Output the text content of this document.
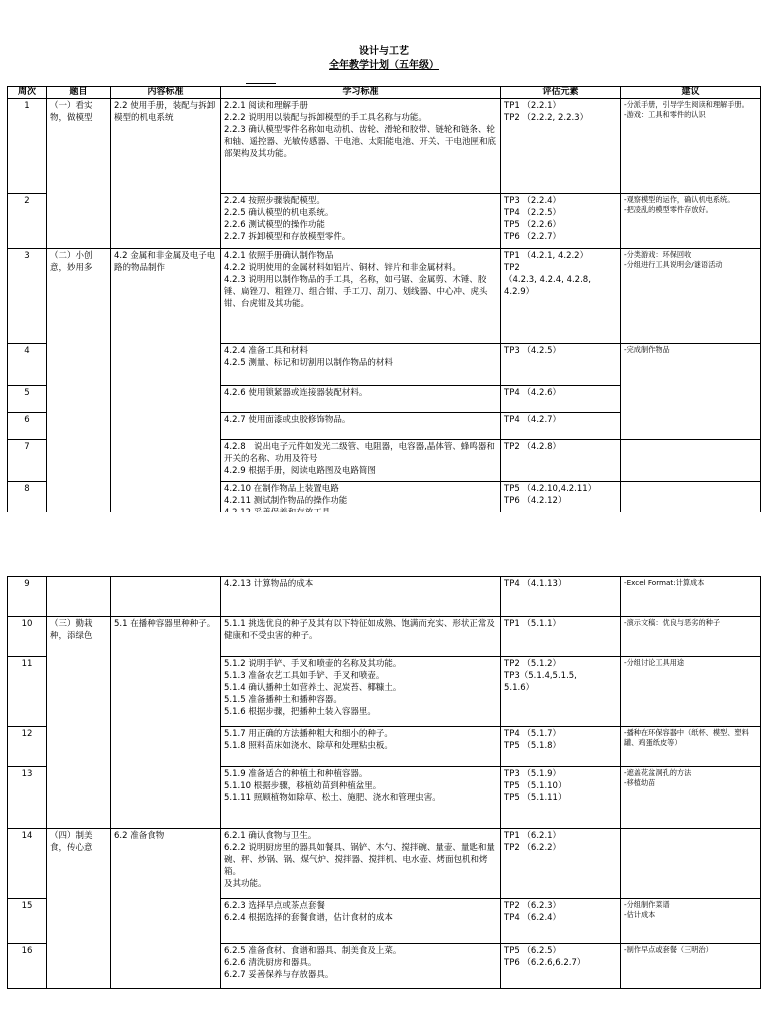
设计与工艺
全年教学计划（五年级）
周次	题目	内容标准	学习标准	评估元素	建议
1	（一）看实物，做模型	2.2 使用手册，装配与拆卸模型的机电系统	2.2.1 阅读和理解手册
2.2.2 说明用以装配与拆卸模型的手工具名称与功能。
2.2.3 确认模型零件名称如电动机、齿轮、滑轮和胶带、链轮和链条、轮和轴、遥控器、光敏传感器、干电池、太阳能电池、开关、干电池匣和底部架构及其功能。	TP1 （2.2.1）
TP2 （2.2.2, 2.2.3）	-分派手册，引导学生阅读和理解手册。
-游戏：工具和零件的认识

2			2.2.4 按照步骤装配模型。
2.2.5 确认模型的机电系统。
2.2.6 测试模型的操作功能
2.2.7 拆卸模型和存放模型零件。	TP3 （2.2.4）
TP4 （2.2.5）
TP5 （2.2.6）
TP6 （2.2.7）	-观察模型的运作，确认机电系统。
-把凌乱的模型零件存放好。

3	（二）小创意，妙用多	4.2 金属和非金属及电子电路的物品制作	4.2.1 依照手册确认制作物品
4.2.2 说明使用的金属材料如铝片、铜材、锌片和非金属材料。
4.2.3 说明用以制作物品的手工具，名称，如弓锯、金属剪、木锤、胶锤、扁锉刀、粗锉刀、组合钳、手工刀、刮刀、划线器、中心冲、虎头钳、台虎钳及其功能。	TP1 （4.2.1, 4.2.2）
TP2
（4.2.3, 4.2.4, 4.2.8, 4.2.9）	-分类游戏：环保回收
-分组进行工具说明会/谜语活动

4			4.2.4 准备工具和材料
4.2.5 测量、标记和切割用以制作物品的材料	TP3 （4.2.5）	-完成制作物品

5			4.2.6 使用锁紧器或连接器装配材料。	TP4 （4.2.6）	

6			4.2.7 使用面漆或虫胶修饰物品。	TP4 （4.2.7）	

7			4.2.8　说出电子元件如发光二级管、电阻器，电容器,晶体管、蜂鸣器和开关的名称、功用及符号
4.2.9 根据手册，阅读电路图及电路简图	TP2 （4.2.8）	

8			4.2.10 在制作物品上装置电路
4.2.11 测试制作物品的操作功能	TP5 （4.2.10,4.2.11）
TP6 （4.2.12）	

9			4.2.13 计算物品的成本	TP4 （4.1.13）	-Excel Format:计算成本

10	（三）勤栽种，添绿色	5.1 在播种容器里种种子。	5.1.1 挑选优良的种子及其有以下特征如成熟、饱满而充实、形状正常及健康和不受虫害的种子。	TP1 （5.1.1）	-演示文稿：优良与恶劣的种子

11			5.1.2 说明手铲、手叉和喷壶的名称及其功能。
5.1.3 准备农艺工具如手铲、手叉和喷壶。
5.1.4 确认播种土如营养土、泥炭苔、椰糠土。
5.1.5 准备播种土和播种容器。
5.1.6 根据步骤，把播种土装入容器里。	TP2 （5.1.2）
TP3（5.1.4,5.1.5,
5.1.6）	-分组讨论工具用途

12			5.1.7 用正确的方法播种粗大和细小的种子。
5.1.8 照料苗床如浇水、除草和处理粘虫板。	TP4 （5.1.7）
TP5 （5.1.8）	-播种在环保容器中（纸杯、模型、塑料罐、鸡蛋纸皮等）

13			5.1.9 准备适合的种植土和种植容器。
5.1.10 根据步骤，移植幼苗到种植盆里。
5.1.11 照顾植物如除草、松土、施肥、浇水和管理虫害。	TP3 （5.1.9）
TP5 （5.1.10）
TP5 （5.1.11）	-遮盖花盆洞孔的方法
-移植幼苗

14	（四）制美食，传心意	6.2 准备食物	6.2.1 确认食物与卫生。
6.2.2 说明厨房里的器具如餐具、锅铲、木勺、搅拌碗、量壶、量匙和量碗、秤、炒锅、锅、煤气炉、搅拌器、搅拌机、电水壶、烤面包机和烤箱。
及其功能。	TP1 （6.2.1）
TP2 （6.2.2）	

15			6.2.3 选择早点或茶点套餐
6.2.4 根据选择的套餐食谱，估计食材的成本	TP2 （6.2.3）
TP4 （6.2.4）	-分组制作菜谱
-估计成本

16			6.2.5 准备食材、食谱和器具、制美食及上菜。
6.2.6 清洗厨房和器具。
6.2.7 妥善保养与存放器具。	TP5 （6.2.5）
TP6 （6.2.6,6.2.7）	-制作早点或套餐（三明治）
